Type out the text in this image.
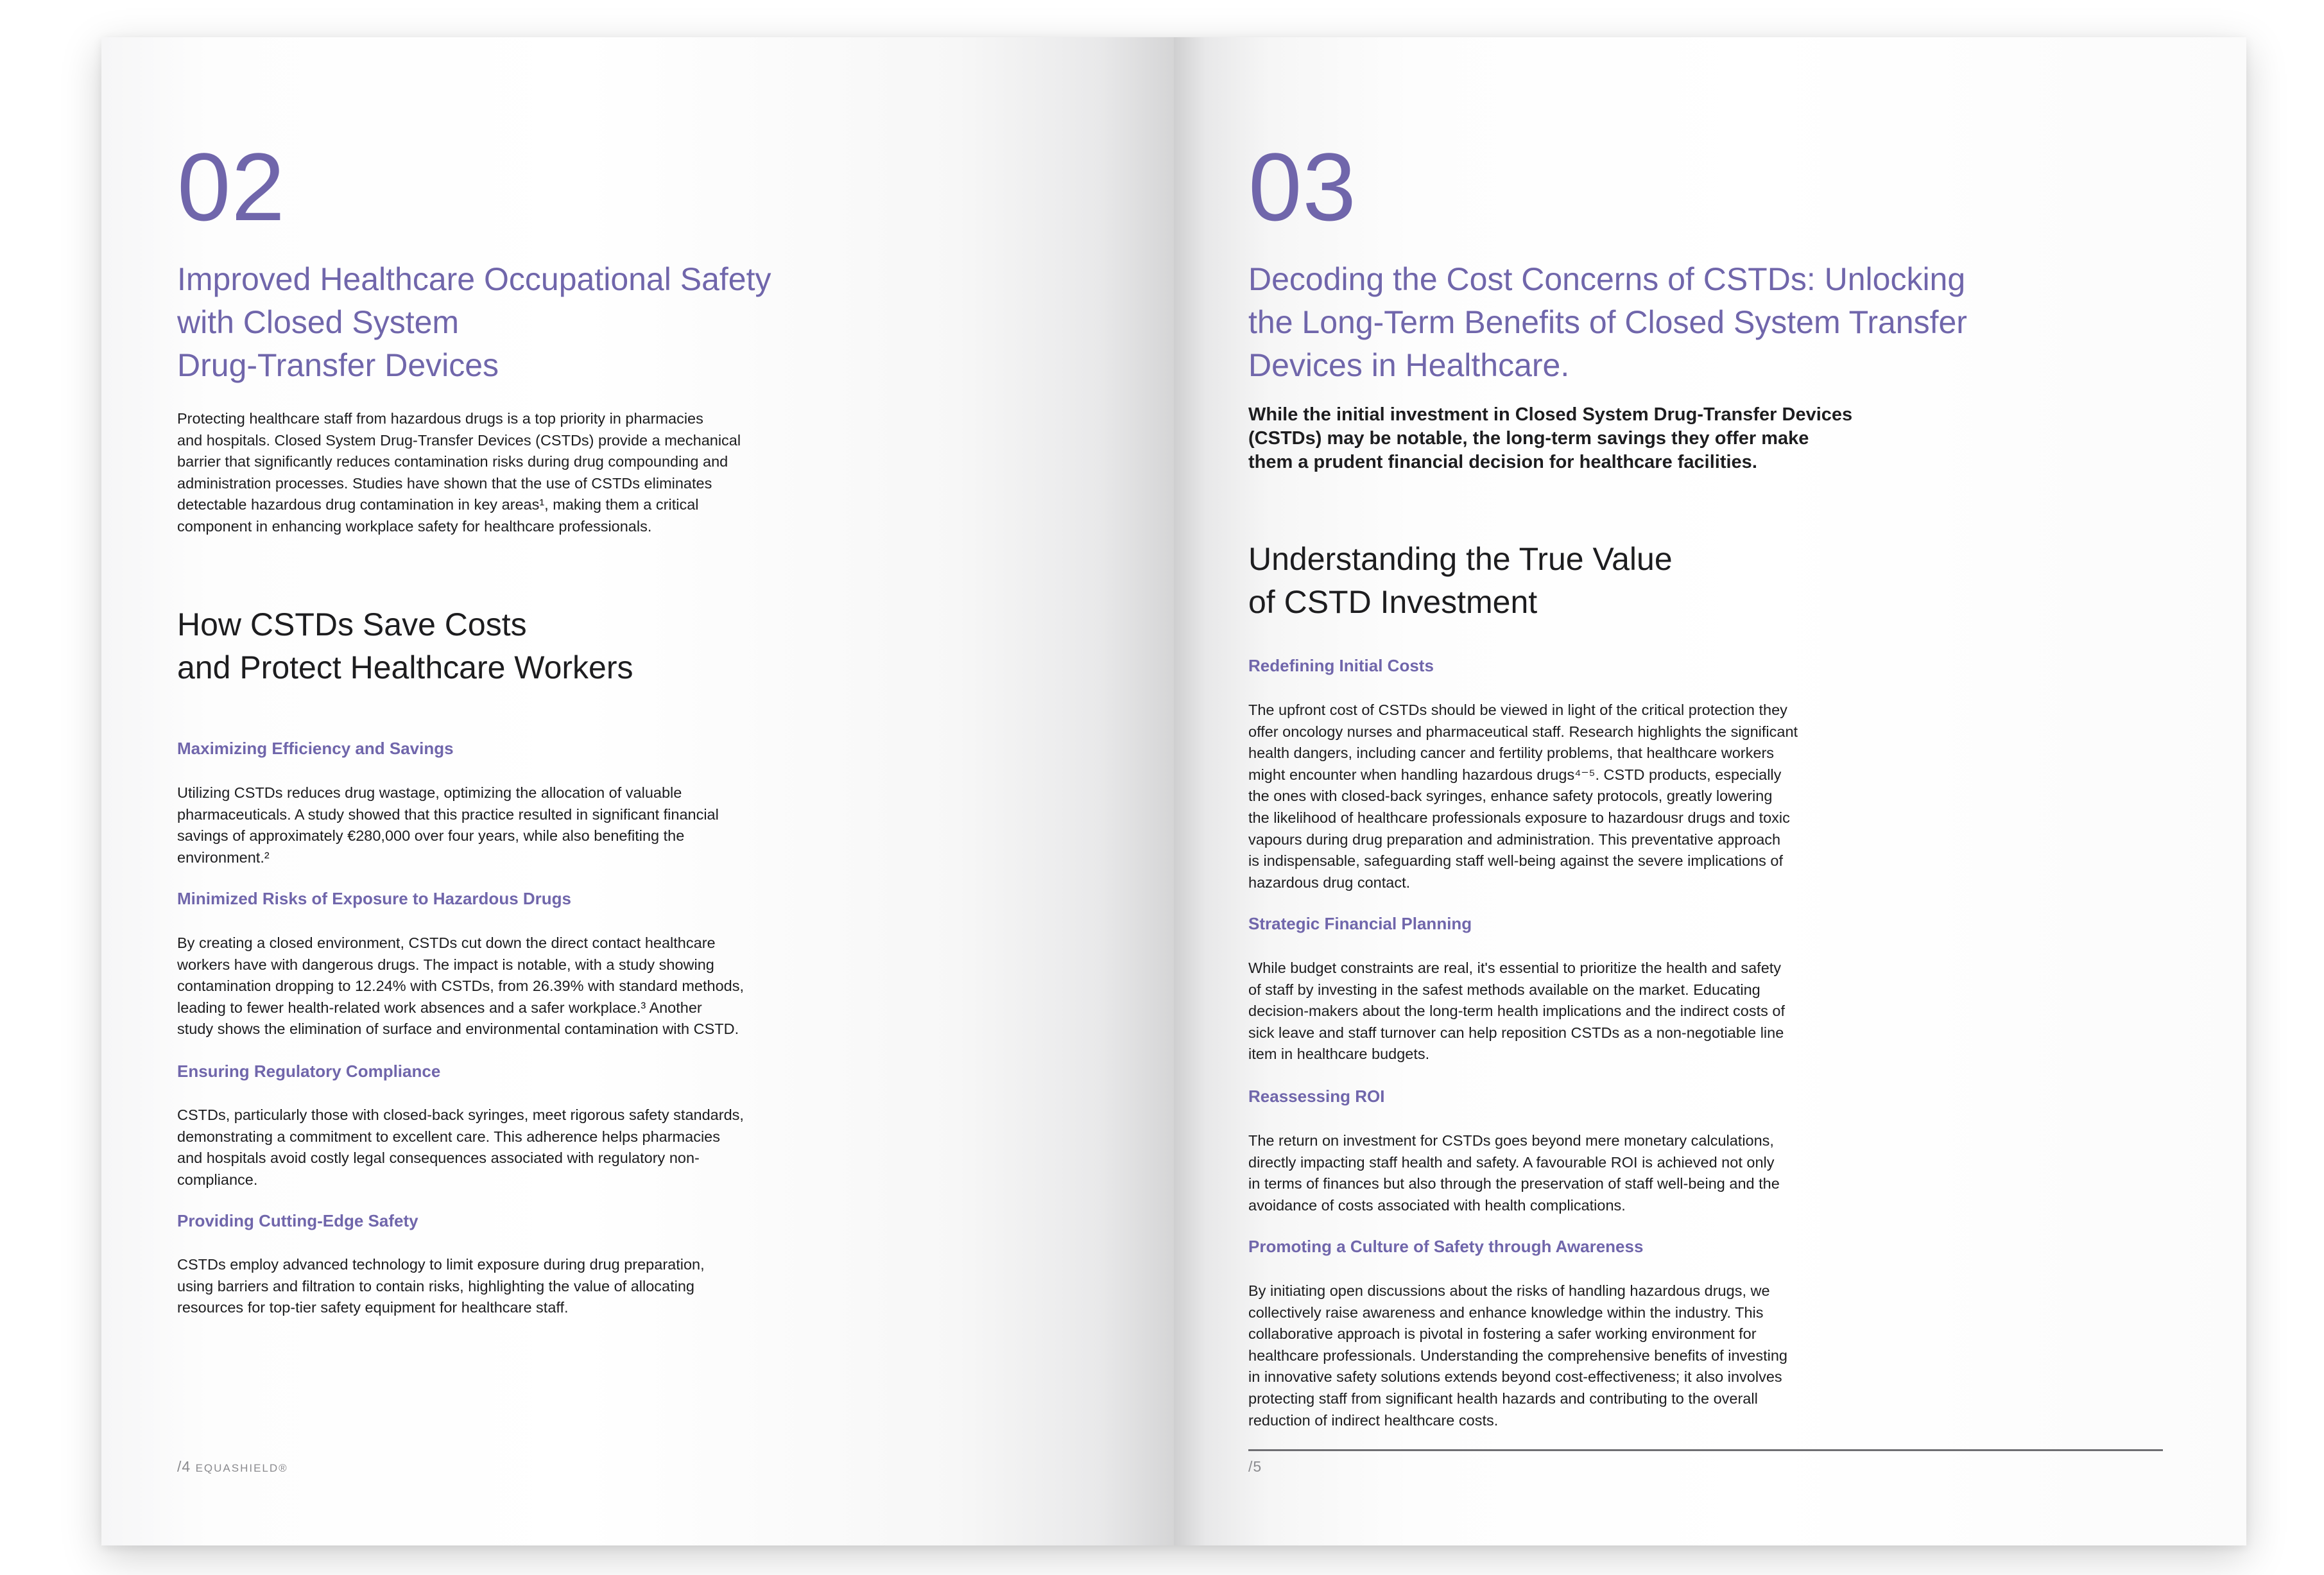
02
Improved Healthcare Occupational Safety
with Closed System
Drug-Transfer Devices
Protecting healthcare staff from hazardous drugs is a top priority in pharmacies
and hospitals. Closed System Drug-Transfer Devices (CSTDs) provide a mechanical
barrier that significantly reduces contamination risks during drug compounding and
administration processes. Studies have shown that the use of CSTDs eliminates
detectable hazardous drug contamination in key areas¹, making them a critical
component in enhancing workplace safety for healthcare professionals.
How CSTDs Save Costs
and Protect Healthcare Workers
Maximizing Efficiency and Savings
Utilizing CSTDs reduces drug wastage, optimizing the allocation of valuable
pharmaceuticals. A study showed that this practice resulted in significant financial
savings of approximately €280,000 over four years, while also benefiting the
environment.²
Minimized Risks of Exposure to Hazardous Drugs
By creating a closed environment, CSTDs cut down the direct contact healthcare
workers have with dangerous drugs. The impact is notable, with a study showing
contamination dropping to 12.24% with CSTDs, from 26.39% with standard methods,
leading to fewer health-related work absences and a safer workplace.³ Another
study shows the elimination of surface and environmental contamination with CSTD.
Ensuring Regulatory Compliance
CSTDs, particularly those with closed-back syringes, meet rigorous safety standards,
demonstrating a commitment to excellent care. This adherence helps pharmacies
and hospitals avoid costly legal consequences associated with regulatory non-
compliance.
Providing Cutting-Edge Safety
CSTDs employ advanced technology to limit exposure during drug preparation,
using barriers and filtration to contain risks, highlighting the value of allocating
resources for top-tier safety equipment for healthcare staff.
/4 EQUASHIELD®
03
Decoding the Cost Concerns of CSTDs: Unlocking
the Long-Term Benefits of Closed System Transfer
Devices in Healthcare.
While the initial investment in Closed System Drug-Transfer Devices
(CSTDs) may be notable, the long-term savings they offer make
them a prudent financial decision for healthcare facilities.
Understanding the True Value
of CSTD Investment
Redefining Initial Costs
The upfront cost of CSTDs should be viewed in light of the critical protection they
offer oncology nurses and pharmaceutical staff. Research highlights the significant
health dangers, including cancer and fertility problems, that healthcare workers
might encounter when handling hazardous drugs⁴⁻⁵. CSTD products, especially
the ones with closed-back syringes, enhance safety protocols, greatly lowering
the likelihood of healthcare professionals exposure to hazardousr drugs and toxic
vapours during drug preparation and administration. This preventative approach
is indispensable, safeguarding staff well-being against the severe implications of
hazardous drug contact.
Strategic Financial Planning
While budget constraints are real, it's essential to prioritize the health and safety
of staff by investing in the safest methods available on the market. Educating
decision-makers about the long-term health implications and the indirect costs of
sick leave and staff turnover can help reposition CSTDs as a non-negotiable line
item in healthcare budgets.
Reassessing ROI
The return on investment for CSTDs goes beyond mere monetary calculations,
directly impacting staff health and safety. A favourable ROI is achieved not only
in terms of finances but also through the preservation of staff well-being and the
avoidance of costs associated with health complications.
Promoting a Culture of Safety through Awareness
By initiating open discussions about the risks of handling hazardous drugs, we
collectively raise awareness and enhance knowledge within the industry. This
collaborative approach is pivotal in fostering a safer working environment for
healthcare professionals. Understanding the comprehensive benefits of investing
in innovative safety solutions extends beyond cost-effectiveness; it also involves
protecting staff from significant health hazards and contributing to the overall
reduction of indirect healthcare costs.
/5
